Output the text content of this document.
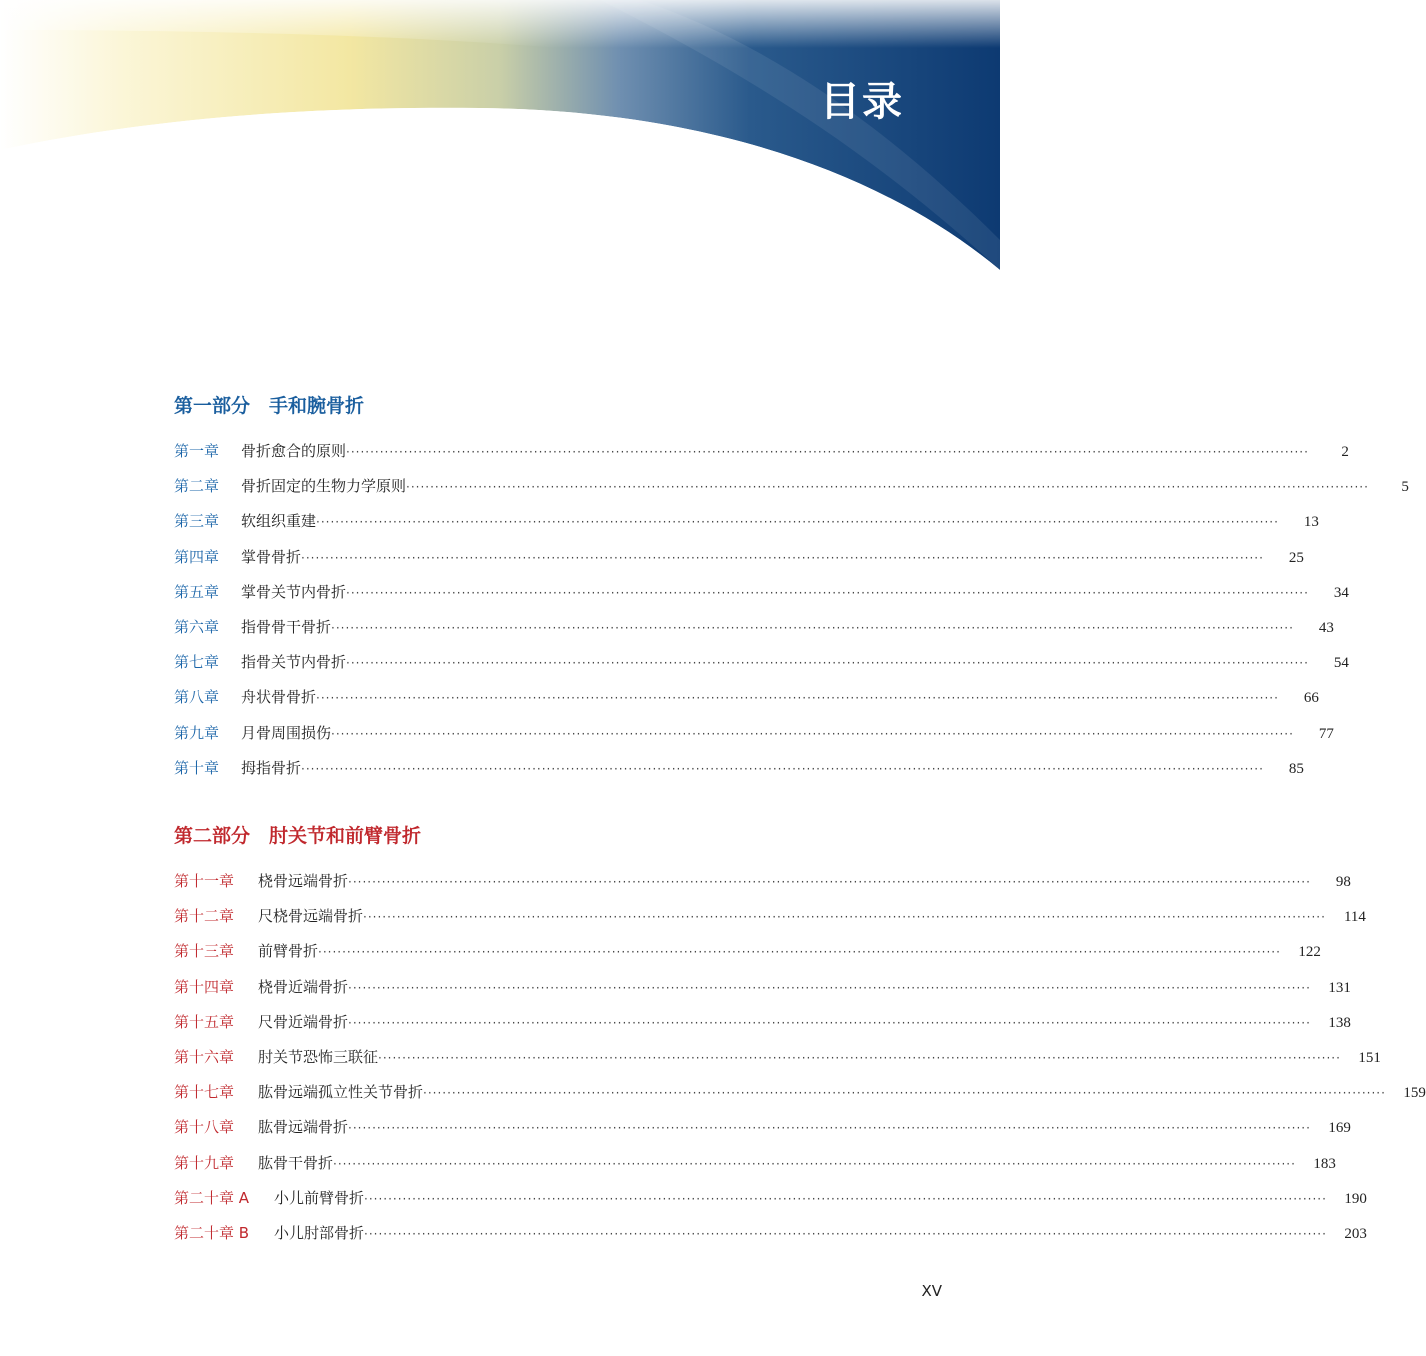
目录
第一部分　手和腕骨折
第一章	骨折愈合的原则 ········································································································································································································	2
第二章	骨折固定的生物力学原则 ········································································································································································································	5
第三章	软组织重建 ········································································································································································································	13
第四章	掌骨骨折 ········································································································································································································	25
第五章	掌骨关节内骨折 ········································································································································································································	34
第六章	指骨骨干骨折 ········································································································································································································	43
第七章	指骨关节内骨折 ········································································································································································································	54
第八章	舟状骨骨折 ········································································································································································································	66
第九章	月骨周围损伤 ········································································································································································································	77
第十章	拇指骨折 ········································································································································································································	85
第二部分　肘关节和前臂骨折
第十一章	桡骨远端骨折 ········································································································································································································	98
第十二章	尺桡骨远端骨折 ········································································································································································································	114
第十三章	前臂骨折 ········································································································································································································	122
第十四章	桡骨近端骨折 ········································································································································································································	131
第十五章	尺骨近端骨折 ········································································································································································································	138
第十六章	肘关节恐怖三联征 ········································································································································································································	151
第十七章	肱骨远端孤立性关节骨折 ········································································································································································································	159
第十八章	肱骨远端骨折 ········································································································································································································	169
第十九章	肱骨干骨折 ········································································································································································································	183
第二十章 A	小儿前臂骨折 ········································································································································································································	190
第二十章 B	小儿肘部骨折 ········································································································································································································	203
XV
